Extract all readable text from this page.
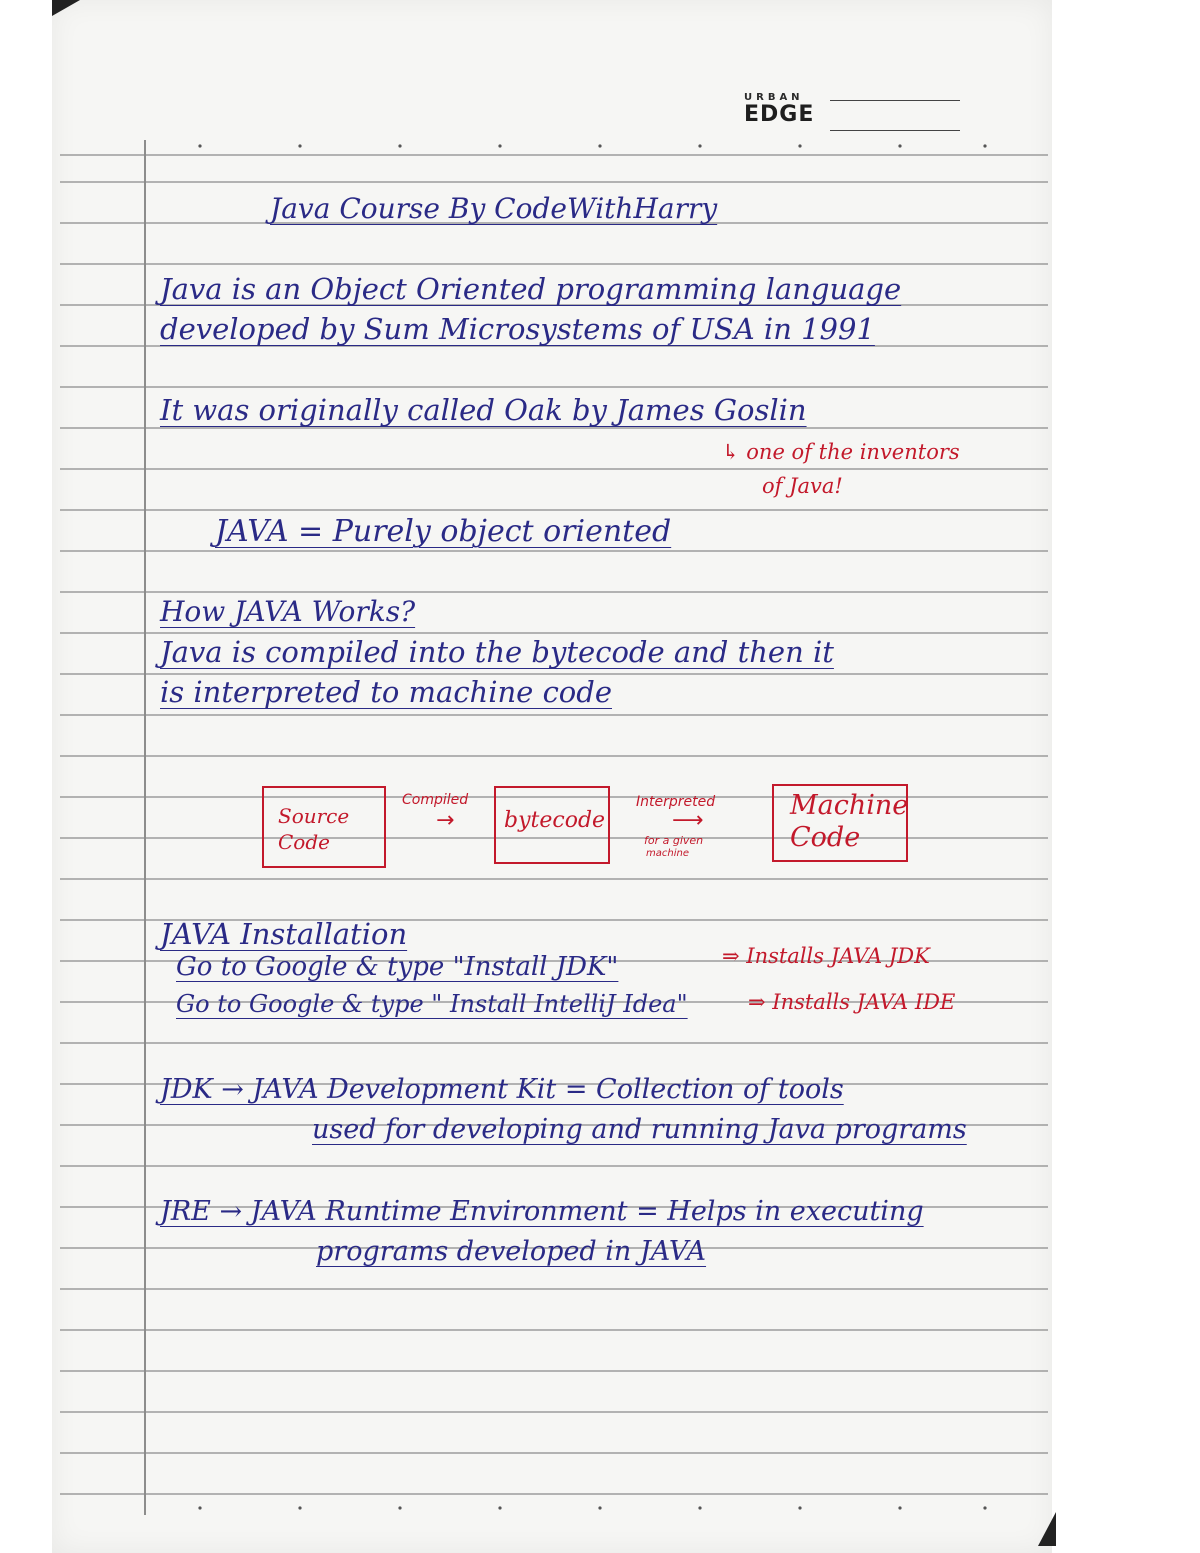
URBAN
EDGE
Java Course By CodeWithHarry
Java is an Object Oriented programming language
developed by Sum Microsystems of USA in 1991
It was originally called Oak by James Goslin
↳ one of the inventors
of Java!
JAVA = Purely object oriented
How JAVA Works?
Java is compiled into the bytecode and then it
is interpreted to machine code
Source
Code
Compiled
→ bytecode
Interpreted
⟶
for a given
machine
Machine
Code
JAVA Installation
Go to Google & type "Install JDK"	⇒ Installs JAVA JDK
Go to Google & type " Install IntelliJ Idea"	⇒ Installs JAVA IDE
JDK → JAVA Development Kit = Collection of tools
used for developing and running Java programs
JRE → JAVA Runtime Environment = Helps in executing
programs developed in JAVA
